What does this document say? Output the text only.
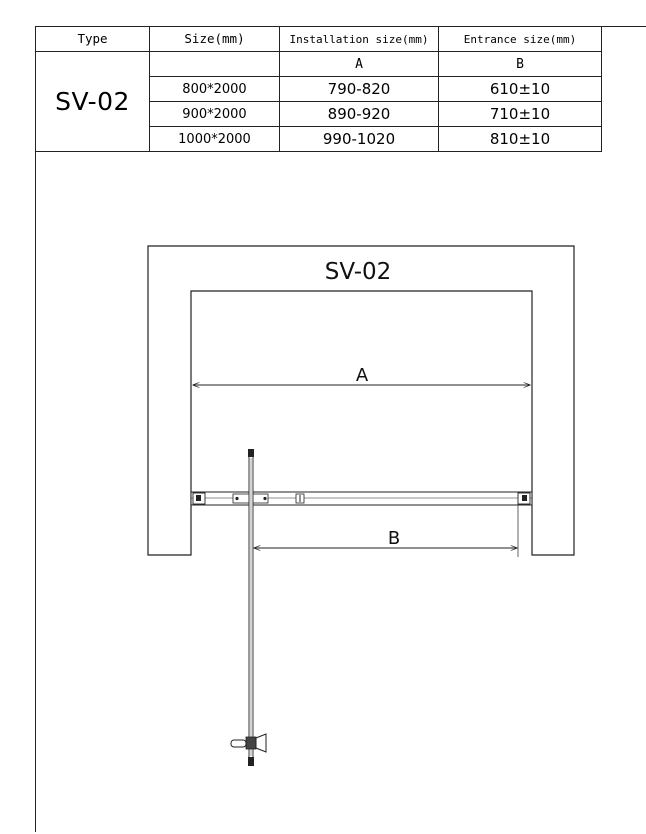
Type	Size(mm)	Installation size(mm)	Entrance size(mm)
SV-02		A	B
	800*2000	790-820	610±10
	900*2000	890-920	710±10
	1000*2000	990-1020	810±10
SV-02
A
B
